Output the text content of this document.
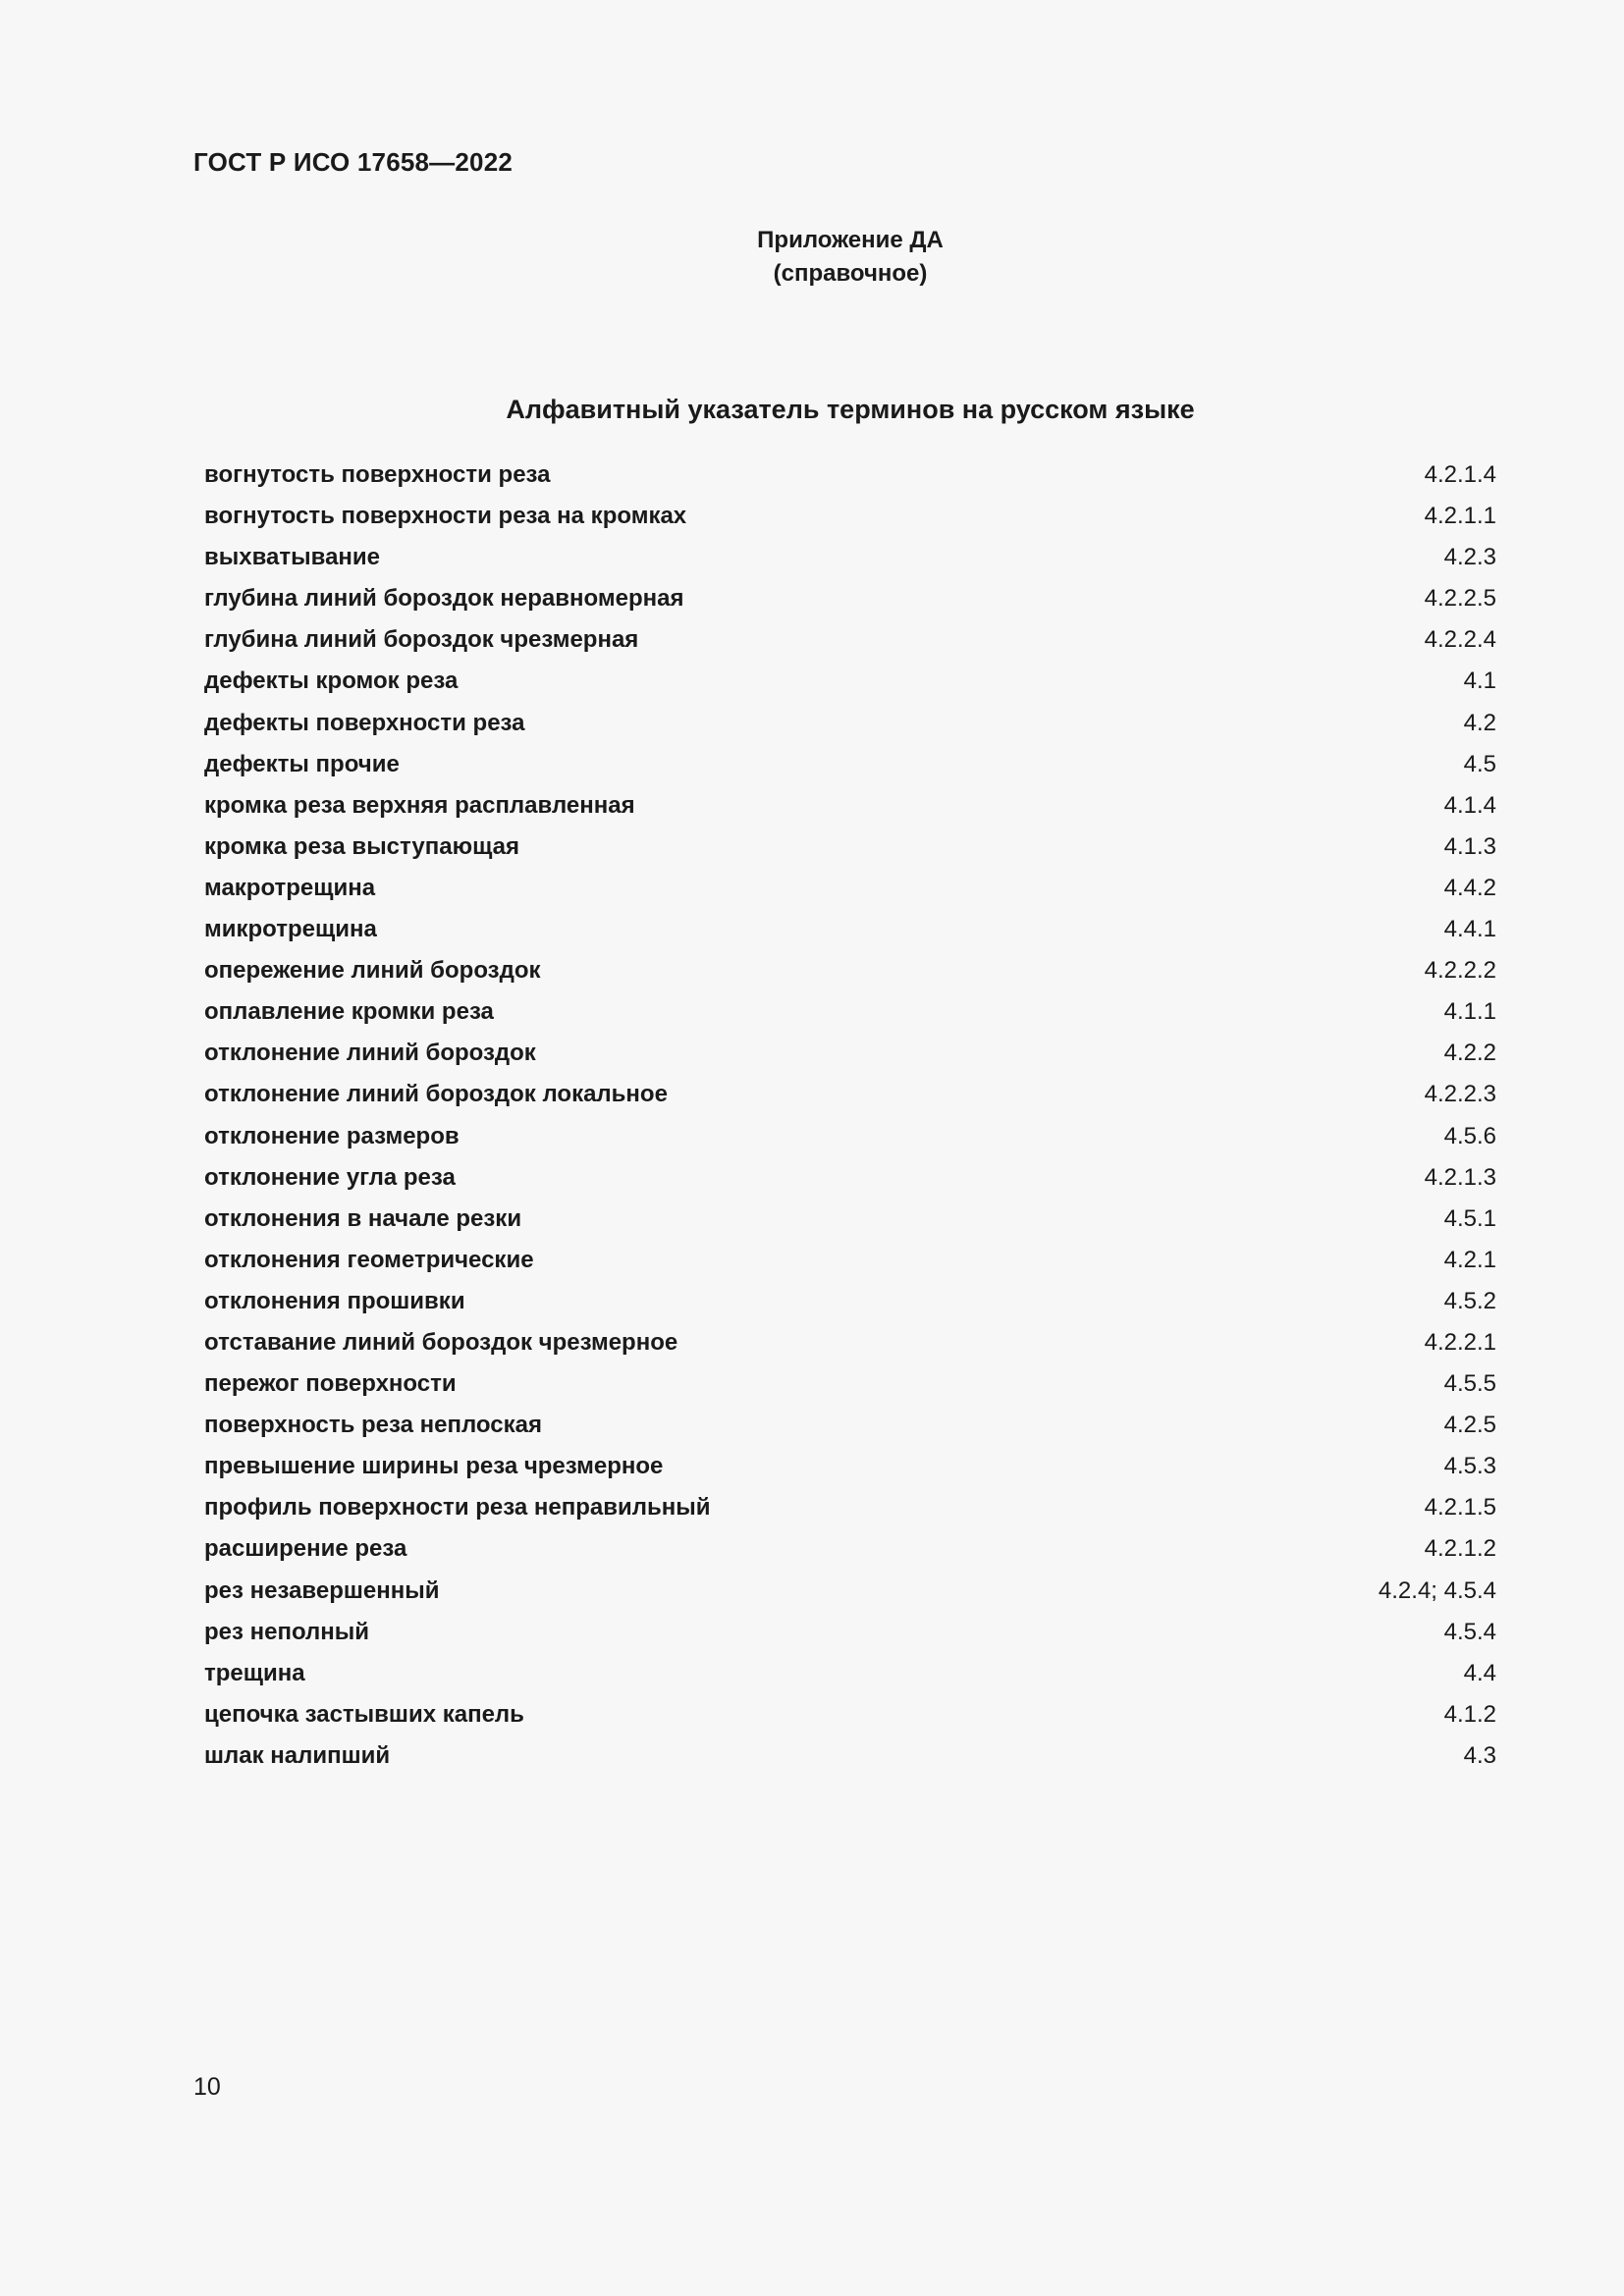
ГОСТ Р ИСО 17658—2022
Приложение ДА
(справочное)
Алфавитный указатель терминов на русском языке
вогнутость поверхности реза	4.2.1.4
вогнутость поверхности реза на кромках	4.2.1.1
выхватывание	4.2.3
глубина линий бороздок неравномерная	4.2.2.5
глубина линий бороздок чрезмерная	4.2.2.4
дефекты кромок реза	4.1
дефекты поверхности реза	4.2
дефекты прочие	4.5
кромка реза верхняя расплавленная	4.1.4
кромка реза выступающая	4.1.3
макротрещина	4.4.2
микротрещина	4.4.1
опережение линий бороздок	4.2.2.2
оплавление кромки реза	4.1.1
отклонение линий бороздок	4.2.2
отклонение линий бороздок локальное	4.2.2.3
отклонение размеров	4.5.6
отклонение угла реза	4.2.1.3
отклонения в начале резки	4.5.1
отклонения геометрические	4.2.1
отклонения прошивки	4.5.2
отставание линий бороздок чрезмерное	4.2.2.1
пережог поверхности	4.5.5
поверхность реза неплоская	4.2.5
превышение ширины реза чрезмерное	4.5.3
профиль поверхности реза неправильный	4.2.1.5
расширение реза	4.2.1.2
рез незавершенный	4.2.4; 4.5.4
рез неполный	4.5.4
трещина	4.4
цепочка застывших капель	4.1.2
шлак налипший	4.3
10
